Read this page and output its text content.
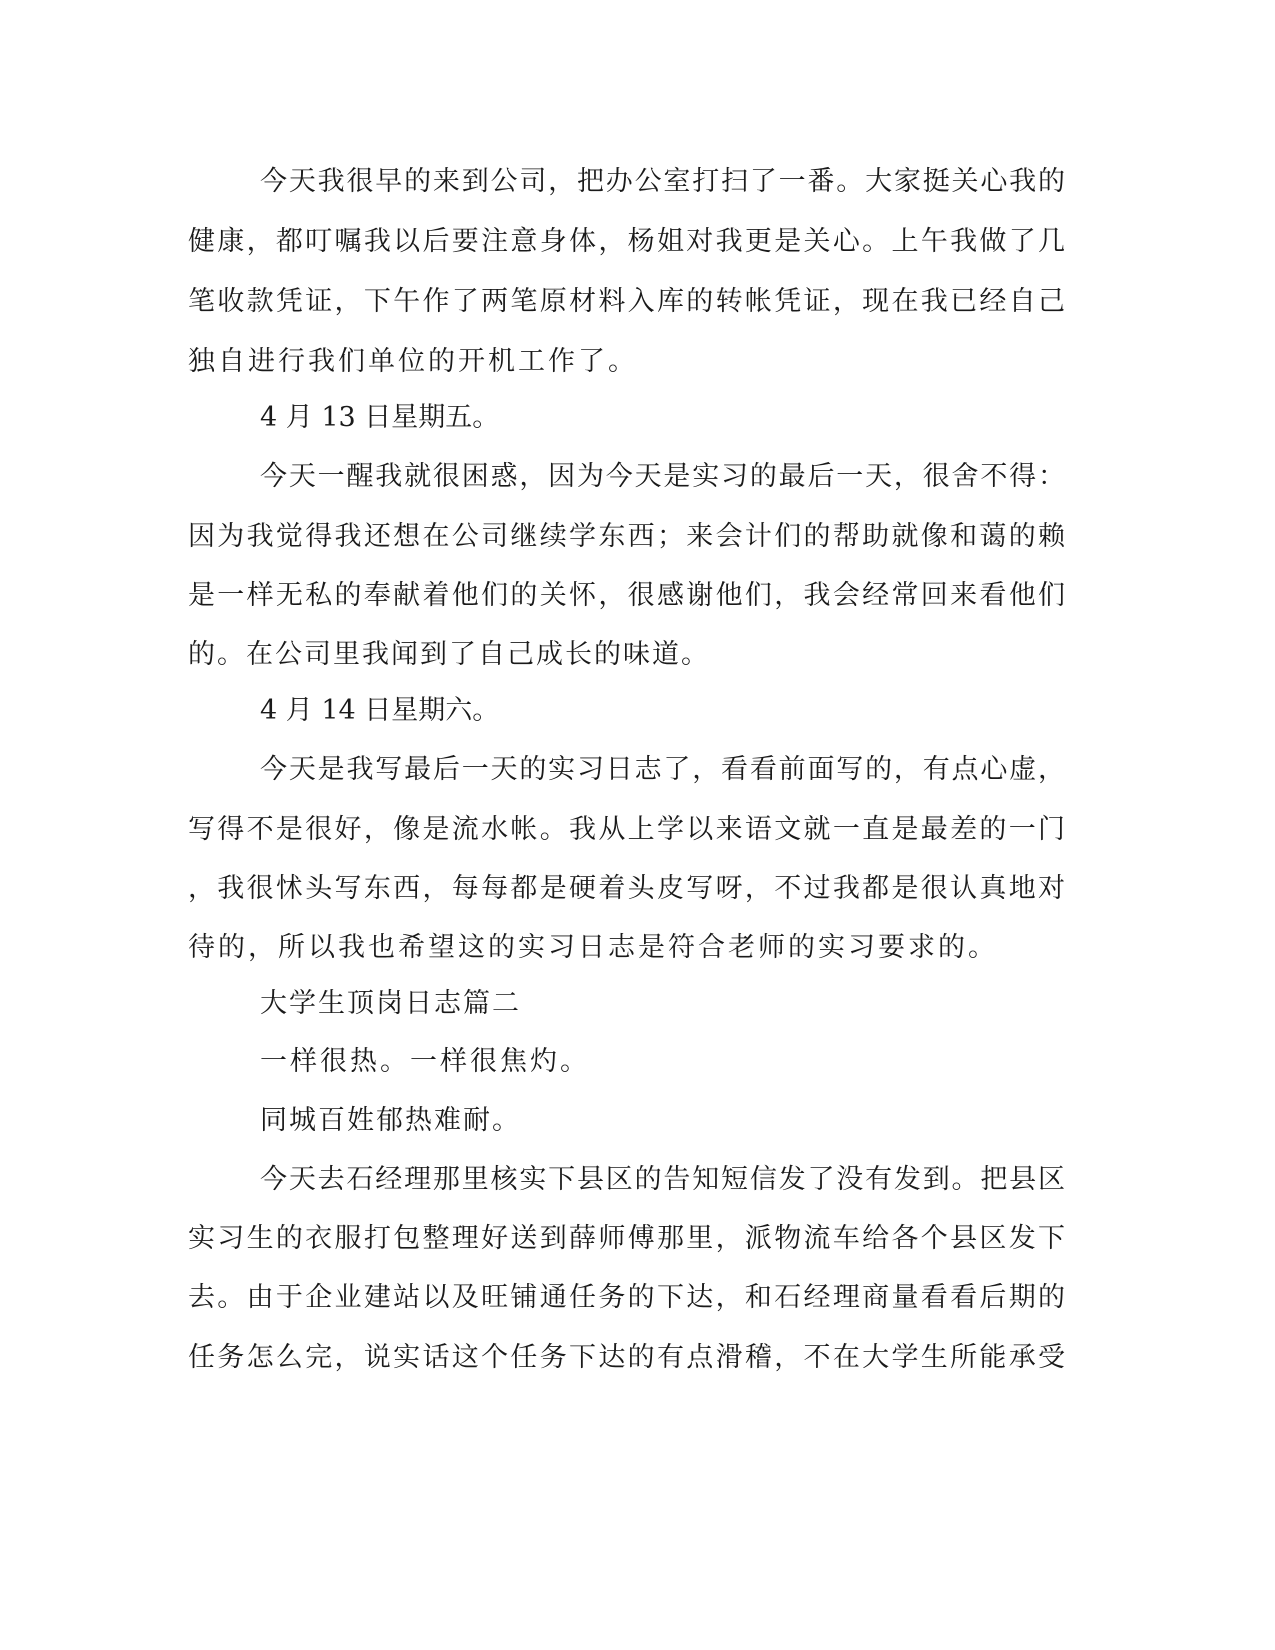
今天我很早的来到公司，把办公室打扫了一番。大家挺关心我的
健康，都叮嘱我以后要注意身体，杨姐对我更是关心。上午我做了几
笔收款凭证，下午作了两笔原材料入库的转帐凭证，现在我已经自己
独自进行我们单位的开机工作了。
4 月 13 日星期五。
今天一醒我就很困惑，因为今天是实习的最后一天，很舍不得：
因为我觉得我还想在公司继续学东西；来会计们的帮助就像和蔼的赖
是一样无私的奉献着他们的关怀，很感谢他们，我会经常回来看他们
的。在公司里我闻到了自己成长的味道。
4 月 14 日星期六。
今天是我写最后一天的实习日志了，看看前面写的，有点心虚，
写得不是很好，像是流水帐。我从上学以来语文就一直是最差的一门
，我很怵头写东西，每每都是硬着头皮写呀，不过我都是很认真地对
待的，所以我也希望这的实习日志是符合老师的实习要求的。
大学生顶岗日志篇二
一样很热。一样很焦灼。
同城百姓郁热难耐。
今天去石经理那里核实下县区的告知短信发了没有发到。把县区
实习生的衣服打包整理好送到薛师傅那里，派物流车给各个县区发下
去。由于企业建站以及旺铺通任务的下达，和石经理商量看看后期的
任务怎么完，说实话这个任务下达的有点滑稽，不在大学生所能承受
